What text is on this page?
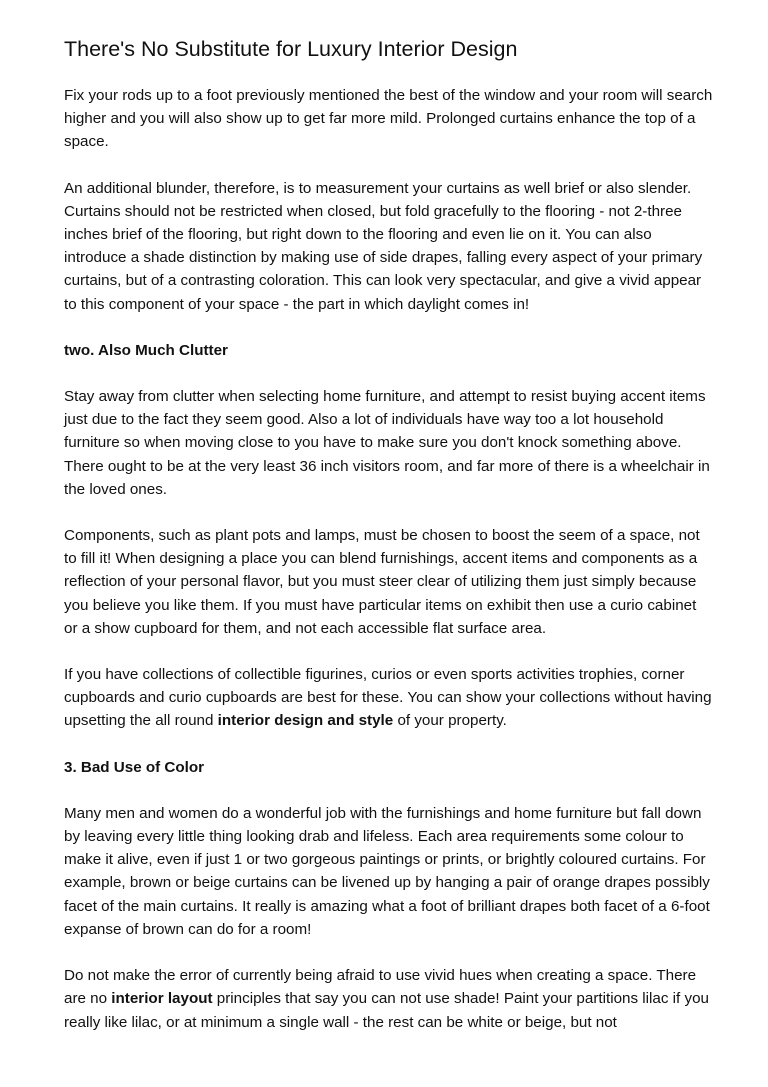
There's No Substitute for Luxury Interior Design

Fix your rods up to a foot previously mentioned the best of the window and your room will search higher and you will also show up to get far more mild. Prolonged curtains enhance the top of a space.

An additional blunder, therefore, is to measurement your curtains as well brief or also slender. Curtains should not be restricted when closed, but fold gracefully to the flooring - not 2-three inches brief of the flooring, but right down to the flooring and even lie on it. You can also introduce a shade distinction by making use of side drapes, falling every aspect of your primary curtains, but of a contrasting coloration. This can look very spectacular, and give a vivid appear to this component of your space - the part in which daylight comes in!

two. Also Much Clutter

Stay away from clutter when selecting home furniture, and attempt to resist buying accent items just due to the fact they seem good. Also a lot of individuals have way too a lot household furniture so when moving close to you have to make sure you don't knock something above. There ought to be at the very least 36 inch visitors room, and far more of there is a wheelchair in the loved ones.

Components, such as plant pots and lamps, must be chosen to boost the seem of a space, not to fill it! When designing a place you can blend furnishings, accent items and components as a reflection of your personal flavor, but you must steer clear of utilizing them just simply because you believe you like them. If you must have particular items on exhibit then use a curio cabinet or a show cupboard for them, and not each accessible flat surface area.

If you have collections of collectible figurines, curios or even sports activities trophies, corner cupboards and curio cupboards are best for these. You can show your collections without having upsetting the all round interior design and style of your property.

3. Bad Use of Color

Many men and women do a wonderful job with the furnishings and home furniture but fall down by leaving every little thing looking drab and lifeless. Each area requirements some colour to make it alive, even if just 1 or two gorgeous paintings or prints, or brightly coloured curtains. For example, brown or beige curtains can be livened up by hanging a pair of orange drapes possibly facet of the main curtains. It really is amazing what a foot of brilliant drapes both facet of a 6-foot expanse of brown can do for a room!

Do not make the error of currently being afraid to use vivid hues when creating a space. There are no interior layout principles that say you can not use shade! Paint your partitions lilac if you really like lilac, or at minimum a single wall - the rest can be white or beige, but not
